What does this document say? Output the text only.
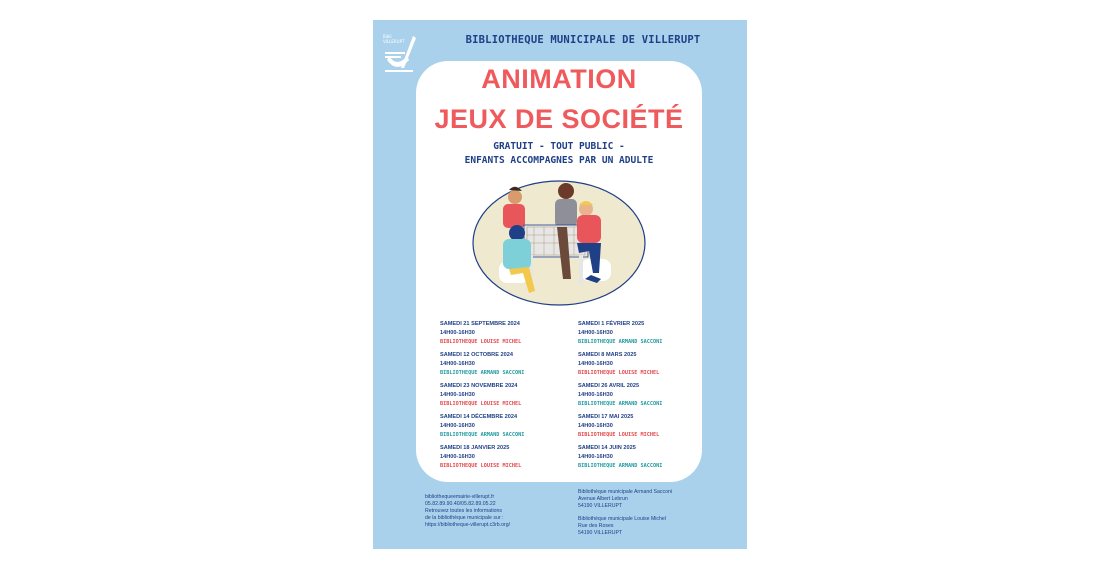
Bibli
VILLERUPT	BIBLIOTHEQUE MUNICIPALE DE VILLERUPT
ANIMATION
JEUX DE SOCIÉTÉ
GRATUIT - TOUT PUBLIC -
ENFANTS ACCOMPAGNES PAR UN ADULTE
SAMEDI 21 SEPTEMBRE 2024
14H00-16H30
BIBLIOTHEQUE LOUISE MICHEL
SAMEDI 12 OCTOBRE 2024
14H00-16H30
BIBLIOTHEQUE ARMAND SACCONI
SAMEDI 23 NOVEMBRE 2024
14H00-16H30
BIBLIOTHEQUE LOUISE MICHEL
SAMEDI 14 DÉCEMBRE 2024
14H00-16H30
BIBLIOTHEQUE ARMAND SACCONI
SAMEDI 18 JANVIER 2025
14H00-16H30
BIBLIOTHEQUE LOUISE MICHEL
SAMEDI 1 FÉVRIER 2025
14H00-16H30
BIBLIOTHEQUE ARMAND SACCONI
SAMEDI 8 MARS 2025
14H00-16H30
BIBLIOTHEQUE LOUISE MICHEL
SAMEDI 26 AVRIL 2025
14H00-16H30
BIBLIOTHEQUE ARMAND SACCONI
SAMEDI 17 MAI 2025
14H00-16H30
BIBLIOTHEQUE LOUISE MICHEL
SAMEDI 14 JUIN 2025
14H00-16H30
BIBLIOTHEQUE ARMAND SACCONI
bibliothequeemairie-villerupt.fr
05.82.89.90.40/05.82.89.05.22
Retrouvez toutes les informations
de la bibliothèque municipale sur :
https://bibliotheque-villerupt.c3rb.org/
Bibliothèque municipale Armand Sacconi
Avenue Albert Lebrun
54190 VILLERUPT
Bibliothèque municipale Louise Michel
Rue des Roses
54190 VILLERUPT
